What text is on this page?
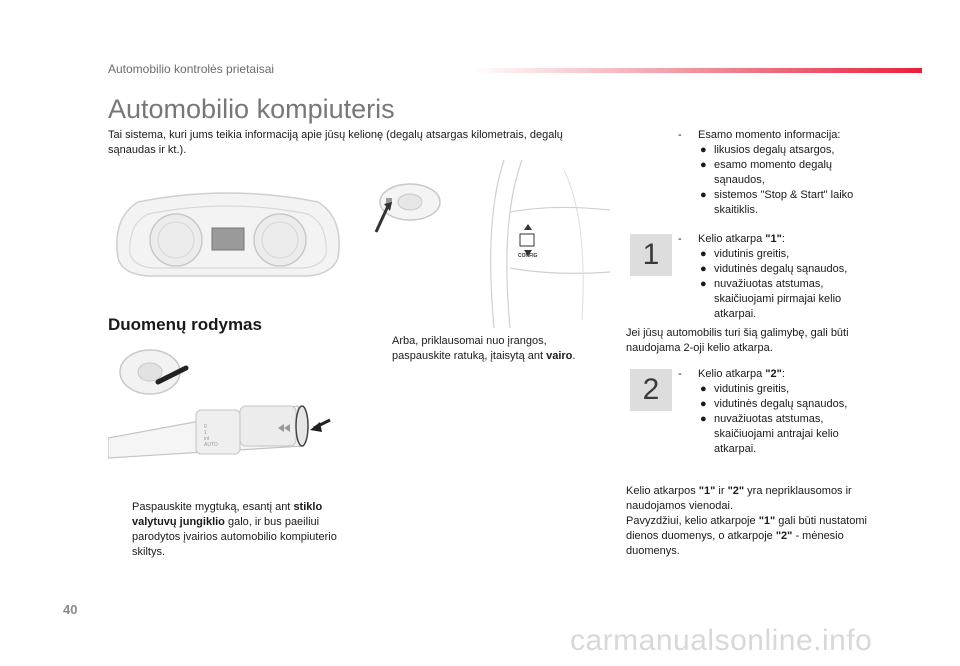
Automobilio kontrolės prietaisai
Automobilio kompiuteris
Tai sistema, kuri jums teikia informaciją apie jūsų kelionę (degalų atsargas kilometrais, degalų sąnaudas ir kt.).
CONFIG
Duomenų rodymas
0
1
int
AUTO
Paspauskite mygtuką, esantį ant stiklo valytuvų jungiklio galo, ir bus paeiliui parodytos įvairios automobilio kompiuterio skiltys.
Arba, priklausomai nuo įrangos, paspauskite ratuką, įtaisytą ant vairo.
- Esamo momento informacija:
● likusios degalų atsargos,
● esamo momento degalų sąnaudos,
● sistemos "Stop & Start" laiko skaitiklis.
1	- Kelio atkarpa "1":
● vidutinis greitis,
● vidutinės degalų sąnaudos,
● nuvažiuotas atstumas, skaičiuojami pirmajai kelio atkarpai.
Jei jūsų automobilis turi šią galimybę, gali būti naudojama 2-oji kelio atkarpa.
2	- Kelio atkarpa "2":
● vidutinis greitis,
● vidutinės degalų sąnaudos,
● nuvažiuotas atstumas, skaičiuojami antrajai kelio atkarpai.
Kelio atkarpos "1" ir "2" yra nepriklausomos ir naudojamos vienodai.
Pavyzdžiui, kelio atkarpoje "1" gali būti nustatomi dienos duomenys, o atkarpoje "2" - mėnesio duomenys.
40
carmanualsonline.info
